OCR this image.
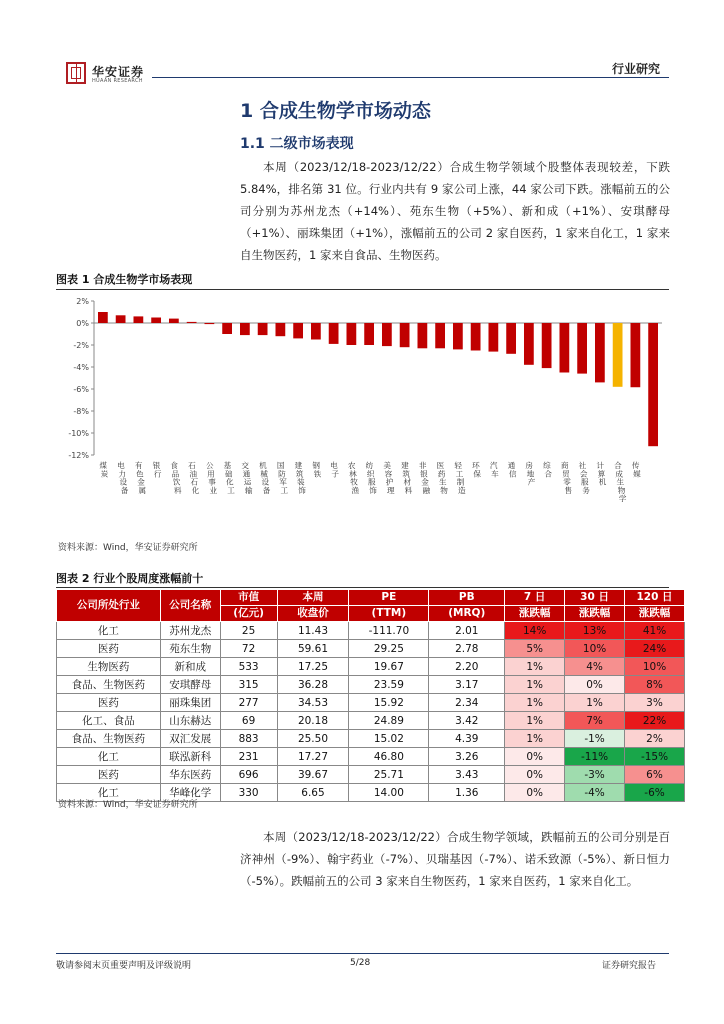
华安证券
HUAAN RESEARCH
行业研究
1 合成生物学市场动态
1.1 二级市场表现
本周（2023/12/18-2023/12/22）合成生物学领域个股整体表现较差，下跌 5.84%，排名第 31 位。行业内共有 9 家公司上涨，44 家公司下跌。涨幅前五的公司分别为苏州龙杰（+14%）、苑东生物（+5%）、新和成（+1%）、安琪酵母（+1%）、丽珠集团（+1%），涨幅前五的公司 2 家自医药，1 家来自化工，1 家来自生物医药，1 家来自食品、生物医药。
图表 1 合成生物学市场表现
2%
0%
-2%
-4%
-6%
-8%
-10%
-12%
煤炭
电力设备
有色金属
银行
食品饮料
石油石化
公用事业
基础化工
交通运输
机械设备
国防军工
建筑装饰
钢铁
电子
农林牧渔
纺织服饰
美容护理
建筑材料
非银金融
医药生物
轻工制造
环保
汽车
通信
房地产
综合
商贸零售
社会服务
计算机
合成生物学
传媒
资料来源：Wind，华安证券研究所
图表 2 行业个股周度涨幅前十
公司所处行业	公司名称	市值	本周	PE	PB	7 日	30 日	120 日
		(亿元)	收盘价	(TTM)	(MRQ)	涨跌幅	涨跌幅	涨跌幅
化工	苏州龙杰	25	11.43	-111.70	2.01	14%	13%	41%
医药	苑东生物	72	59.61	29.25	2.78	5%	10%	24%
生物医药	新和成	533	17.25	19.67	2.20	1%	4%	10%
食品、生物医药	安琪酵母	315	36.28	23.59	3.17	1%	0%	8%
医药	丽珠集团	277	34.53	15.92	2.34	1%	1%	3%
化工、食品	山东赫达	69	20.18	24.89	3.42	1%	7%	22%
食品、生物医药	双汇发展	883	25.50	15.02	4.39	1%	-1%	2%
化工	联泓新科	231	17.27	46.80	3.26	0%	-11%	-15%
医药	华东医药	696	39.67	25.71	3.43	0%	-3%	6%
化工	华峰化学	330	6.65	14.00	1.36	0%	-4%	-6%
资料来源：Wind，华安证券研究所
本周（2023/12/18-2023/12/22）合成生物学领域，跌幅前五的公司分别是百济神州（-9%）、翰宇药业（-7%）、贝瑞基因（-7%）、诺禾致源（-5%）、新日恒力（-5%）。跌幅前五的公司 3 家来自生物医药，1 家来自医药，1 家来自化工。
敬请参阅末页重要声明及评级说明	5/28	证券研究报告
